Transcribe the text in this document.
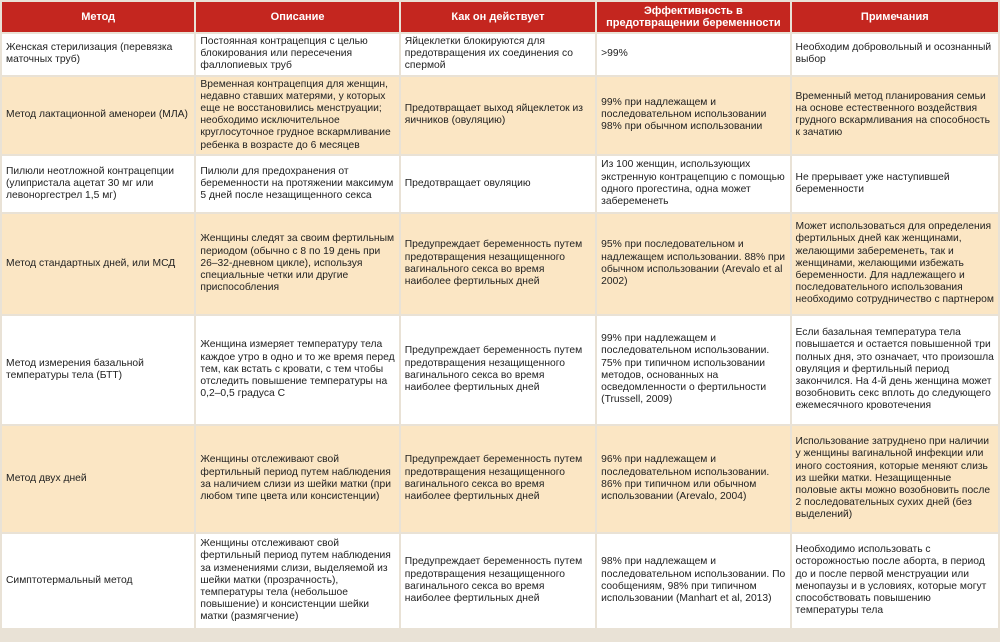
Метод	Описание	Как он действует	Эффективность в предотвращении беременности	Примечания
Женская стерилизация (перевязка маточных труб)	Постоянная контрацепция с целью блокирования или пересечения фаллопиевых труб	Яйцеклетки блокируются для предотвращения их соединения со спермой	>99%	Необходим добровольный и осознанный выбор
Метод лактационной аменореи (МЛА)	Временная контрацепция для женщин, недавно ставших матерями, у которых еще не восстановились менструации; необходимо исключительное круглосуточное грудное вскармливание ребенка в возрасте до 6 месяцев	Предотвращает выход яйцеклеток из яичников (овуляцию)	99% при надлежащем и последовательном использовании 98% при обычном использовании	Временный метод планирования семьи на основе естественного воздействия грудного вскармливания на способность к зачатию
Пилюли неотложной контрацепции (улипристала ацетат 30 мг или левоноргестрел 1,5 мг)	Пилюли для предохранения от беременности на протяжении максимум 5 дней после незащищенного секса	Предотвращает овуляцию	Из 100 женщин, использующих экстренную контрацепцию с помощью одного прогестина, одна может забеременеть	Не прерывает уже наступившей беременности
Метод стандартных дней, или МСД	Женщины следят за своим фертильным периодом (обычно с 8 по 19 день при 26–32-дневном цикле), используя специальные четки или другие приспособления	Предупреждает беременность путем предотвращения незащищенного вагинального секса во время наиболее фертильных дней	95% при последовательном и надлежащем использовании. 88% при обычном использовании (Arevalo et al 2002)	Может использоваться для определения фертильных дней как женщинами, желающими забеременеть, так и женщинами, желающими избежать беременности. Для надлежащего и последовательного использования необходимо сотрудничество с партнером
Метод измерения базальной температуры тела (БТТ)	Женщина измеряет температуру тела каждое утро в одно и то же время перед тем, как встать с кровати, с тем чтобы отследить повышение температуры на 0,2–0,5 градуса С	Предупреждает беременность путем предотвращения незащищенного вагинального секса во время наиболее фертильных дней	99% при надлежащем и последовательном использовании. 75% при типичном использовании методов, основанных на осведомленности о фертильности (Trussell, 2009)	Если базальная температура тела повышается и остается повышенной три полных дня, это означает, что произошла овуляция и фертильный период закончился. На 4-й день женщина может возобновить секс вплоть до следующего ежемесячного кровотечения
Метод двух дней	Женщины отслеживают свой фертильный период путем наблюдения за наличием слизи из шейки матки (при любом типе цвета или консистенции)	Предупреждает беременность путем предотвращения незащищенного вагинального секса во время наиболее фертильных дней	96% при надлежащем и последовательном использовании. 86% при типичном или обычном использовании (Arevalo, 2004)	Использование затруднено при наличии у женщины вагинальной инфекции или иного состояния, которые меняют слизь из шейки матки. Незащищенные половые акты можно возобновить после 2 последовательных сухих дней (без выделений)
Симптотермальный метод	Женщины отслеживают свой фертильный период путем наблюдения за изменениями слизи, выделяемой из шейки матки (прозрачность), температуры тела (небольшое повышение) и консистенции шейки матки (размягчение)	Предупреждает беременность путем предотвращения незащищенного вагинального секса во время наиболее фертильных дней	98% при надлежащем и последовательном использовании. По сообщениям, 98% при типичном использовании (Manhart et al, 2013)	Необходимо использовать с осторожностью после аборта, в период до и после первой менструации или менопаузы и в условиях, которые могут способствовать повышению температуры тела
